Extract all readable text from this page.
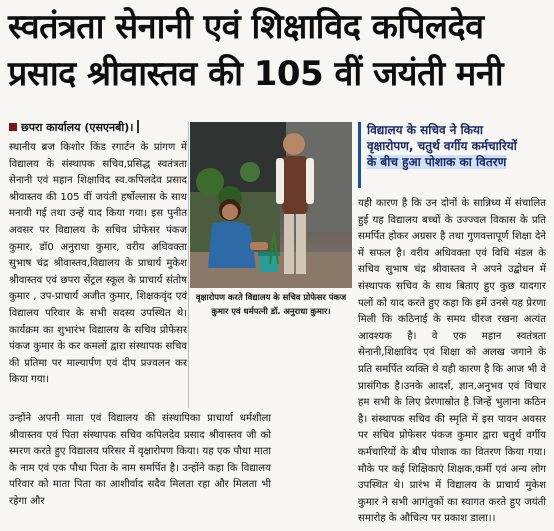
स्वतंत्रता सेनानी एवं शिक्षाविद कपिलदेव
प्रसाद श्रीवास्तव की 105 वीं जयंती मनी
छपरा कार्यालय (एसएनबी)।
स्थानीय ब्रज किशोर किंड रगार्टन के प्रांगण में विद्यालय के संस्थापक सचिव,प्रसिद्ध स्वतंत्रता सेनानी एवं महान शिक्षाविद स्व.कपिलदेव प्रसाद श्रीवास्तव की 105 वीं जयंती हर्षोल्लास के साथ मनायी गई तथा उन्हें याद किया गया। इस पुनीत अवसर पर विद्यालय के सचिव प्रोफेसर पंकज कुमार, डॉ0 अनुराधा कुमार, वरीय अधिवक्ता सुभाष चंद्र श्रीवास्तव,विद्यालय के प्राचार्य मुकेश श्रीवास्तव एवं छपरा सेंट्रल स्कूल के प्राचार्य संतोष कुमार , उप-प्राचार्य अजीत कुमार, शिक्षकवृंद एवं विद्यालय परिवार के सभी सदस्य उपस्थित थे। कार्यक्रम का शुभारंभ विद्यालय के सचिव प्रोफेसर पंकज कुमार के कर कमलों द्वारा संस्थापक सचिव की प्रतिमा पर माल्यार्पण एवं दीप प्रज्वलन कर किया गया।
उन्होंने अपनी माता एवं विद्यालय की संस्थापिका प्राचार्या धर्मशीला श्रीवास्तव एवं पिता संस्थापक सचिव कपिलदेव प्रसाद श्रीवास्तव जी को स्मरण करते हुए विद्यालय परिसर में वृक्षारोपण किया। यह एक पौधा माता के नाम एवं एक पौधा पिता के नाम समर्पित है। उन्होंने कहा कि विद्यालय परिवार को माता पिता का आशीर्वाद सदैव मिलता रहा और मिलता भी रहेगा और
वृक्षारोपण करते विद्यालय के सचिव प्रोफेसर पंकज कुमार एवं धर्मपत्नी डॉ. अनुराधा कुमार।
विद्यालय के सचिव ने किया
वृक्षारोपण, चतुर्थ वर्गीय कर्मचारियों
के बीच हुआ पोशाक का वितरण
यही कारण है कि उन दोनों के सान्निध्य में संचालित हुई यह विद्यालय बच्चों के उज्ज्वल विकास के प्रति समर्पित होकर अग्रसर है तथा गुणवत्तापूर्ण शिक्षा देने में सफल है। वरीय अधिवक्ता एवं विधि मंडल के सचिव सुभाष चंद्र श्रीवास्तव ने अपने उद्बोधन में संस्थापक सचिव के साथ बिताए हुए कुछ यादगार पलों को याद करते हुए कहा कि हमें उनसे यह प्रेरणा मिली कि कठिनाई के समय धीरज रखना अत्यंत आवश्यक है। वे एक महान स्वतंत्रता सेनानी,शिक्षाविद एवं शिक्षा को अलख जगाने के प्रति समर्पित व्यक्ति थे यही कारण है कि आज भी वे प्रासंगिक है।उनके आदर्श, ज्ञान,अनुभव एवं विचार हम सभी के लिए प्रेरणास्रोत है जिन्हें भुलाना कठिन है। संस्थापक सचिव की स्मृति में इस पावन अवसर पर सचिव प्रोफेसर पंकज कुमार द्वारा चतुर्थ वर्गीय कर्मचारियों के बीच पोशाक का वितरण किया गया। मौके पर कई शिक्षिकाएं शिक्षक,कर्मी एवं अन्य लोग उपस्थित थे। प्रारंभ में विद्यालय के प्राचार्य मुकेश कुमार ने सभी आगंतुकों का स्वागत करते हुए जयंती समारोह के औचित्य पर प्रकाश डाला।।
